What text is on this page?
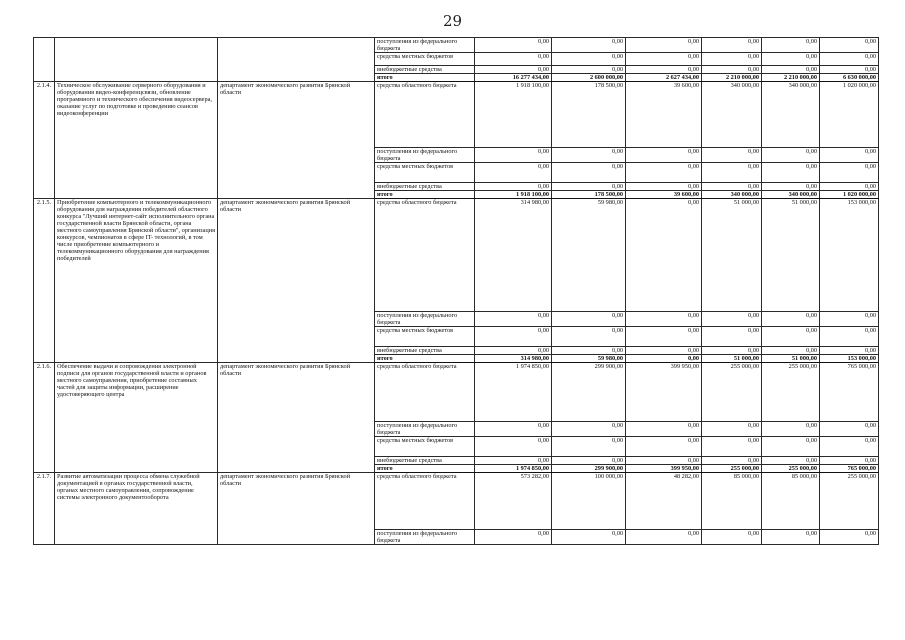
29
			поступления из федерального бюджета	0,00	0,00	0,00	0,00	0,00	0,00
			средства местных бюджетов	0,00	0,00	0,00	0,00	0,00	0,00
			внебюджетные средства	0,00	0,00	0,00	0,00	0,00	0,00
			итого	16 277 434,00	2 600 000,00	2 627 434,00	2 210 000,00	2 210 000,00	6 630 000,00
2.1.4.	Техническое обслуживание серверного оборудования и оборудования видео-конференцсвязи, обновление программного и технического обеспечения видеосервера, оказание услуг по подготовке и проведению сеансов видеоконференции	департамент экономического развития Брянской области	средства областного бюджета	1 918 100,00	178 500,00	39 600,00	340 000,00	340 000,00	1 020 000,00
			поступления из федерального бюджета	0,00	0,00	0,00	0,00	0,00	0,00
			средства местных бюджетов	0,00	0,00	0,00	0,00	0,00	0,00
			внебюджетные средства	0,00	0,00	0,00	0,00	0,00	0,00
			итого	1 918 100,00	178 500,00	39 600,00	340 000,00	340 000,00	1 020 000,00
2.1.5.	Приобретение компьютерного и телекоммуникационного оборудования для награждения победителей областного конкурса "Лучший интернет-сайт исполнительного органа государственной власти Брянской области, органа местного самоуправления Брянской области", организация конкурсов, чемпионатов в сфере IT- технологий, в том числе приобретение компьютерного и телекоммуникационного оборудования для награждения победителей	департамент экономического развития Брянской области	средства областного бюджета	314 980,00	59 980,00	0,00	51 000,00	51 000,00	153 000,00
			поступления из федерального бюджета	0,00	0,00	0,00	0,00	0,00	0,00
			средства местных бюджетов	0,00	0,00	0,00	0,00	0,00	0,00
			внебюджетные средства	0,00	0,00	0,00	0,00	0,00	0,00
			итого	314 980,00	59 980,00	0,00	51 000,00	51 000,00	153 000,00
2.1.6.	Обеспечение выдачи и сопровождения электронной подписи для органов государственной власти и органов местного самоуправления, приобретение составных частей для защиты информации, расширение удостоверяющего центра	департамент экономического развития Брянской области	средства областного бюджета	1 974 850,00	299 900,00	399 950,00	255 000,00	255 000,00	765 000,00
			поступления из федерального бюджета	0,00	0,00	0,00	0,00	0,00	0,00
			средства местных бюджетов	0,00	0,00	0,00	0,00	0,00	0,00
			внебюджетные средства	0,00	0,00	0,00	0,00	0,00	0,00
			итого	1 974 850,00	299 900,00	399 950,00	255 000,00	255 000,00	765 000,00
2.1.7.	Развитие автоматизации процесса обмена служебной документацией в органах государственной власти, органах местного самоуправления, сопровождение системы электронного документооборота	департамент экономического развития Брянской области	средства областного бюджета	573 282,00	100 000,00	48 282,00	85 000,00	85 000,00	255 000,00
			поступления из федерального бюджета	0,00	0,00	0,00	0,00	0,00	0,00
